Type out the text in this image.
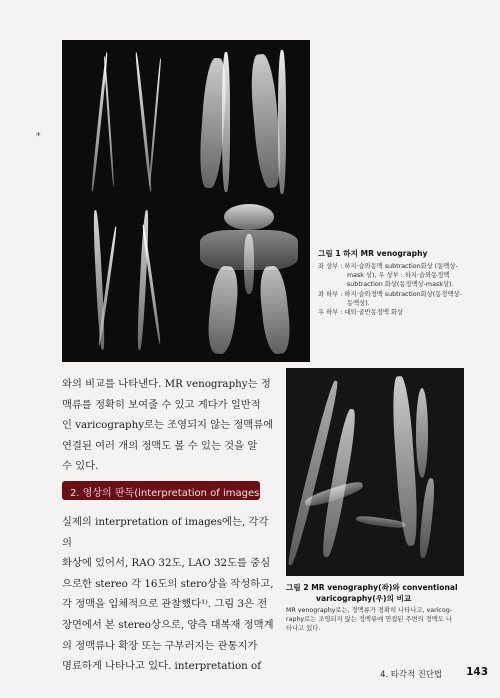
*
그림 1 하지 MR venography
좌 상부 : 하지·슬와동맥 subtraction화상 (동맥상-
mask 상), 우 상부 : 하지·슬와동정맥
subtraction 화상(동정맥상-mask상).
좌 하부 : 하지·슬와정맥 subtraction화상(동정맥상-
동맥상).
우 하부 : 대퇴·골반동정맥 화상
와의 비교를 나타낸다. MR venography는 정
맥류를 정확히 보여줄 수 있고 게다가 일반적
인 varicography로는 조영되지 않는 정맥류에
연결된 여러 개의 정맥도 볼 수 있는 것을 알
수 있다.
2. 영상의 판독(interpretation of images)
실제의 interpretation of images에는, 각각의
화상에 있어서, RAO 32도, LAO 32도를 중심
으로한 stereo 각 16도의 stero상을 작성하고,
각 정맥을 입체적으로 관찰했다¹⁾. 그림 3은 전
장면에서 본 stereo상으로, 양측 대복재 정맥계
의 정맥류나 확장 또는 구부러지는 관통지가
명료하게 나타나고 있다. interpretation of
그림 2 MR venography(좌)와 conventional
varicography(우)의 비교
MR venography로는, 정맥류가 정확히 나타나고, varicog-
raphy로는 조영되지 않는 정맥류에 연접된 주변의 정맥도 나
타나고 있다.
4. 타각적 진단법 143
